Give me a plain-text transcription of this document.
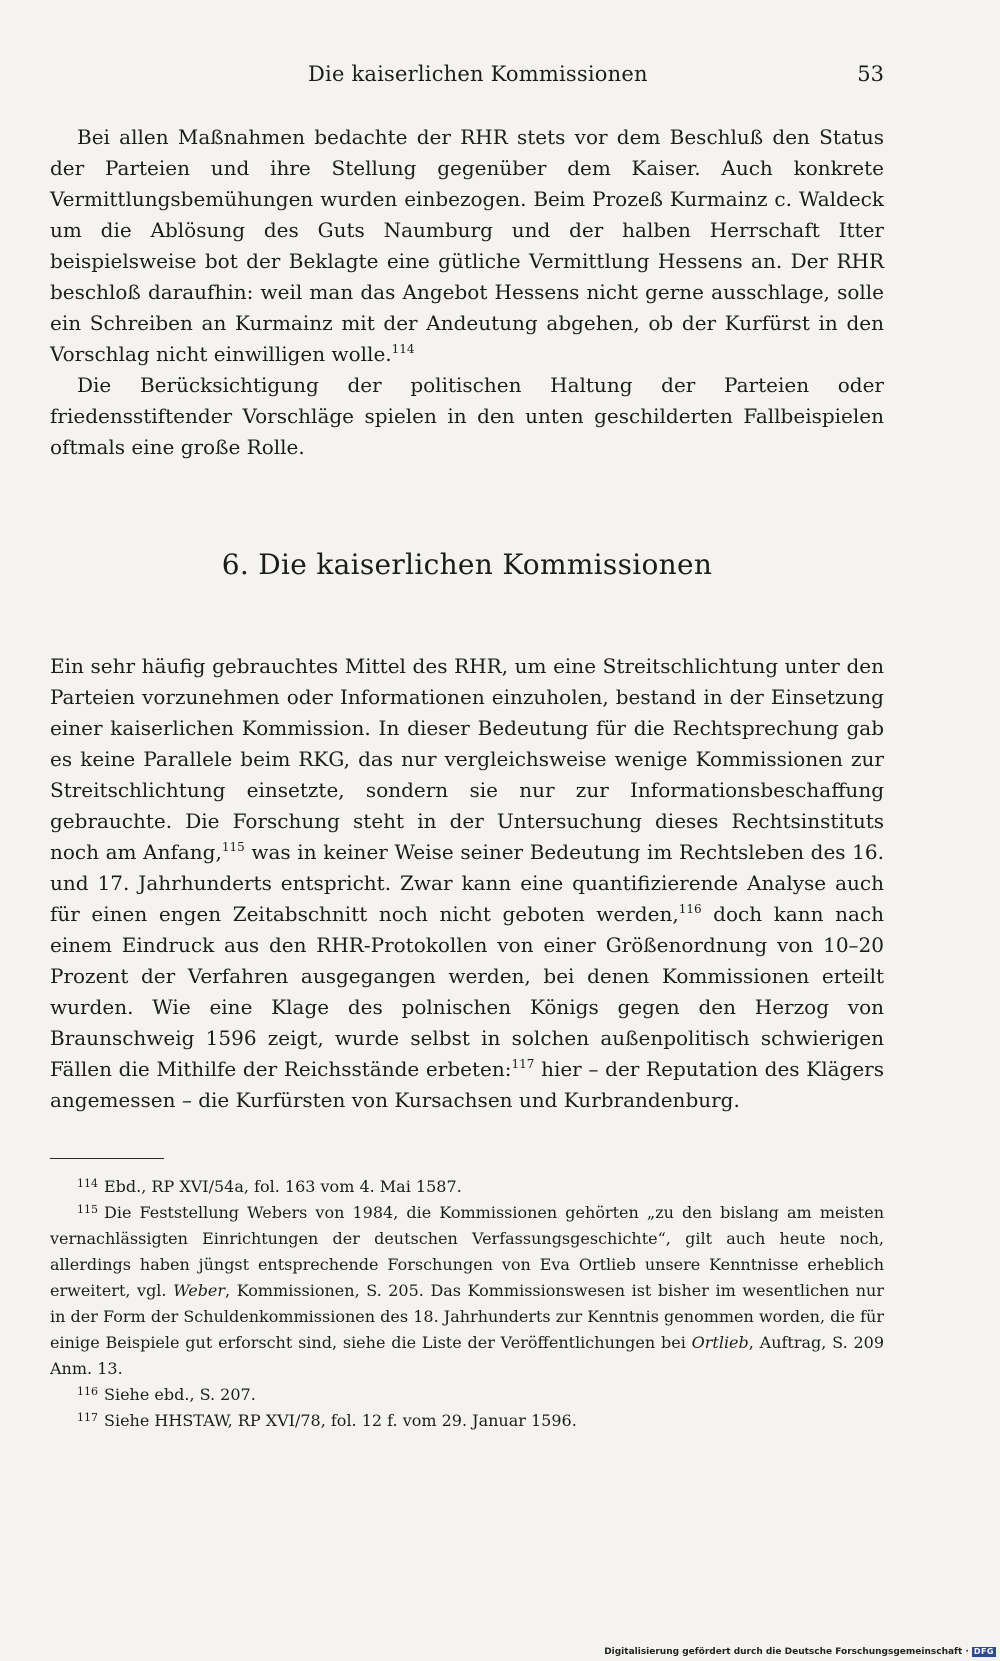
Die kaiserlichen Kommissionen	53

Bei allen Maßnahmen bedachte der RHR stets vor dem Beschluß den Status der Parteien und ihre Stellung gegenüber dem Kaiser. Auch konkrete Vermittlungsbemühungen wurden einbezogen. Beim Prozeß Kurmainz c. Waldeck um die Ablösung des Guts Naumburg und der halben Herrschaft Itter beispielsweise bot der Beklagte eine gütliche Vermittlung Hessens an. Der RHR beschloß daraufhin: weil man das Angebot Hessens nicht gerne ausschlage, solle ein Schreiben an Kurmainz mit der Andeutung abgehen, ob der Kurfürst in den Vorschlag nicht einwilligen wolle.$^{114}$

Die Berücksichtigung der politischen Haltung der Parteien oder friedensstiftender Vorschläge spielen in den unten geschilderten Fallbeispielen oftmals eine große Rolle.

6. Die kaiserlichen Kommissionen

Ein sehr häufig gebrauchtes Mittel des RHR, um eine Streitschlichtung unter den Parteien vorzunehmen oder Informationen einzuholen, bestand in der Einsetzung einer kaiserlichen Kommission. In dieser Bedeutung für die Rechtsprechung gab es keine Parallele beim RKG, das nur vergleichsweise wenige Kommissionen zur Streitschlichtung einsetzte, sondern sie nur zur Informationsbeschaffung gebrauchte. Die Forschung steht in der Untersuchung dieses Rechtsinstituts noch am Anfang,$^{115}$ was in keiner Weise seiner Bedeutung im Rechtsleben des 16. und 17. Jahrhunderts entspricht. Zwar kann eine quantifizierende Analyse auch für einen engen Zeitabschnitt noch nicht geboten werden,$^{116}$ doch kann nach einem Eindruck aus den RHR-Protokollen von einer Größenordnung von 10–20 Prozent der Verfahren ausgegangen werden, bei denen Kommissionen erteilt wurden. Wie eine Klage des polnischen Königs gegen den Herzog von Braunschweig 1596 zeigt, wurde selbst in solchen außenpolitisch schwierigen Fällen die Mithilfe der Reichsstände erbeten:$^{117}$ hier – der Reputation des Klägers angemessen – die Kurfürsten von Kursachsen und Kurbrandenburg.

$^{114}$ Ebd., RP XVI/54a, fol. 163 vom 4. Mai 1587.

$^{115}$ Die Feststellung Webers von 1984, die Kommissionen gehörten „zu den bislang am meisten vernachlässigten Einrichtungen der deutschen Verfassungsgeschichte“, gilt auch heute noch, allerdings haben jüngst entsprechende Forschungen von Eva Ortlieb unsere Kenntnisse erheblich erweitert, vgl. Weber, Kommissionen, S. 205. Das Kommissionswesen ist bisher im wesentlichen nur in der Form der Schuldenkommissionen des 18. Jahrhunderts zur Kenntnis genommen worden, die für einige Beispiele gut erforscht sind, siehe die Liste der Veröffentlichungen bei Ortlieb, Auftrag, S. 209 Anm. 13.

$^{116}$ Siehe ebd., S. 207.

$^{117}$ Siehe HHSTAW, RP XVI/78, fol. 12 f. vom 29. Januar 1596.

Digitalisierung gefördert durch die Deutsche Forschungsgemeinschaft · DFG
